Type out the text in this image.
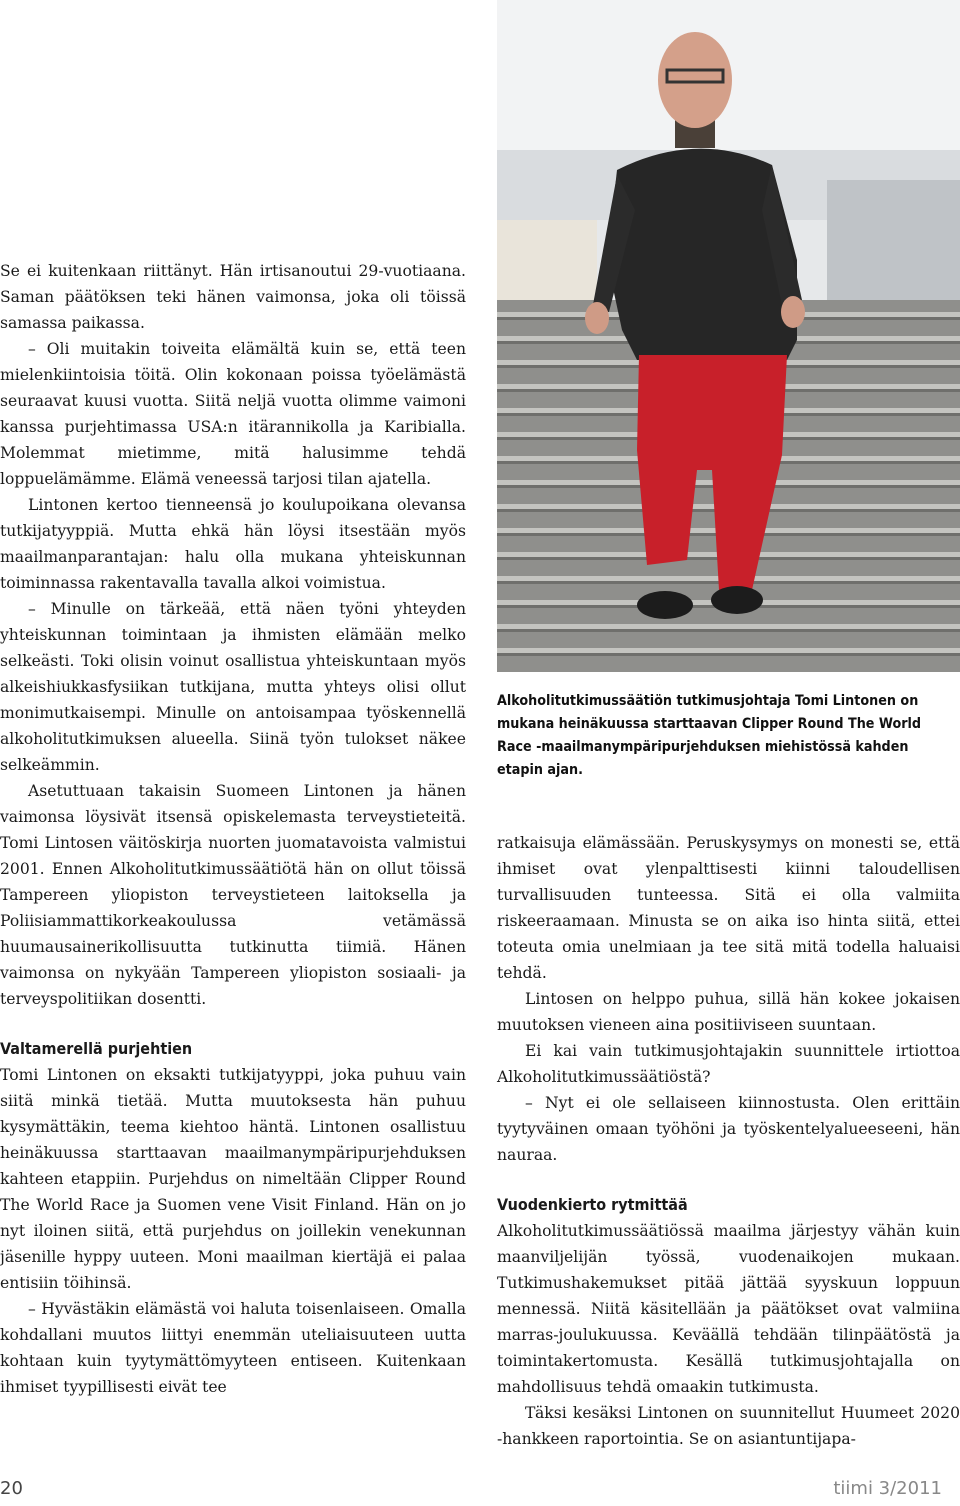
Se ei kuitenkaan riittänyt. Hän irtisanoutui 29-vuotiaana. Saman päätöksen teki hänen vaimonsa, joka oli töissä samassa paikassa.

– Oli muitakin toiveita elämältä kuin se, että teen mielenkiintoisia töitä. Olin kokonaan poissa työelämästä seuraavat kuusi vuotta. Siitä neljä vuotta olimme vaimoni kanssa purjehtimassa USA:n itärannikolla ja Karibialla. Molemmat mietimme, mitä halusimme tehdä loppuelämämme. Elämä veneessä tarjosi tilan ajatella.

Lintonen kertoo tienneensä jo koulupoikana olevansa tutkijatyyppiä. Mutta ehkä hän löysi itsestään myös maailmanparantajan: halu olla mukana yhteiskunnan toiminnassa rakentavalla tavalla alkoi voimistua.

– Minulle on tärkeää, että näen työni yhteyden yhteiskunnan toimintaan ja ihmisten elämään melko selkeästi. Toki olisin voinut osallistua yhteiskuntaan myös alkeishiukkasfysiikan tutkijana, mutta yhteys olisi ollut monimutkaisempi. Minulle on antoisampaa työskennellä alkoholitutkimuksen alueella. Siinä työn tulokset näkee selkeämmin.

Asetuttuaan takaisin Suomeen Lintonen ja hänen vaimonsa löysivät itsensä opiskelemasta terveystieteitä. Tomi Lintosen väitöskirja nuorten juomatavoista valmistui 2001. Ennen Alkoholitutkimussäätiötä hän on ollut töissä Tampereen yliopiston terveystieteen laitoksella ja Poliisiammattikorkeakoulussa vetämässä huumausainerikollisuutta tutkinutta tiimiä. Hänen vaimonsa on nykyään Tampereen yliopiston sosiaali- ja terveyspolitiikan dosentti.

Valtamerellä purjehtien

Tomi Lintonen on eksakti tutkijatyyppi, joka puhuu vain siitä minkä tietää. Mutta muutoksesta hän puhuu kysymättäkin, teema kiehtoo häntä. Lintonen osallistuu heinäkuussa starttaavan maailmanympäripurjehduksen kahteen etappiin. Purjehdus on nimeltään Clipper Round The World Race ja Suomen vene Visit Finland. Hän on jo nyt iloinen siitä, että purjehdus on joillekin venekunnan jäsenille hyppy uuteen. Moni maailman kiertäjä ei palaa entisiin töihinsä.

– Hyvästäkin elämästä voi haluta toisenlaiseen. Omalla kohdallani muutos liittyi enemmän uteliaisuuteen uutta kohtaan kuin tyytymättömyyteen entiseen. Kuitenkaan ihmiset tyypillisesti eivät tee

Alkoholitutkimussäätiön tutkimusjohtaja Tomi Lintonen on mukana heinäkuussa starttaavan Clipper Round The World Race -maailmanympäripurjehduksen miehistössä kahden etapin ajan.

ratkaisuja elämässään. Peruskysymys on monesti se, että ihmiset ovat ylenpalttisesti kiinni taloudellisen turvallisuuden tunteessa. Sitä ei olla valmiita riskeeraamaan. Minusta se on aika iso hinta siitä, ettei toteuta omia unelmiaan ja tee sitä mitä todella haluaisi tehdä.

Lintosen on helppo puhua, sillä hän kokee jokaisen muutoksen vieneen aina positiiviseen suuntaan.

Ei kai vain tutkimusjohtajakin suunnittele irtiottoa Alkoholitutkimussäätiöstä?

– Nyt ei ole sellaiseen kiinnostusta. Olen erittäin tyytyväinen omaan työhöni ja työskentelyalueeseeni, hän nauraa.

Vuodenkierto rytmittää

Alkoholitutkimussäätiössä maailma järjestyy vähän kuin maanviljelijän työssä, vuodenaikojen mukaan. Tutkimushakemukset pitää jättää syyskuun loppuun mennessä. Niitä käsitellään ja päätökset ovat valmiina marras-joulukuussa. Keväällä tehdään tilinpäätöstä ja toimintakertomusta. Kesällä tutkimusjohtajalla on mahdollisuus tehdä omaakin tutkimusta.

Täksi kesäksi Lintonen on suunnitellut Huumeet 2020 -hankkeen raportointia. Se on asiantuntijapa-

20	tiimi 3/2011
